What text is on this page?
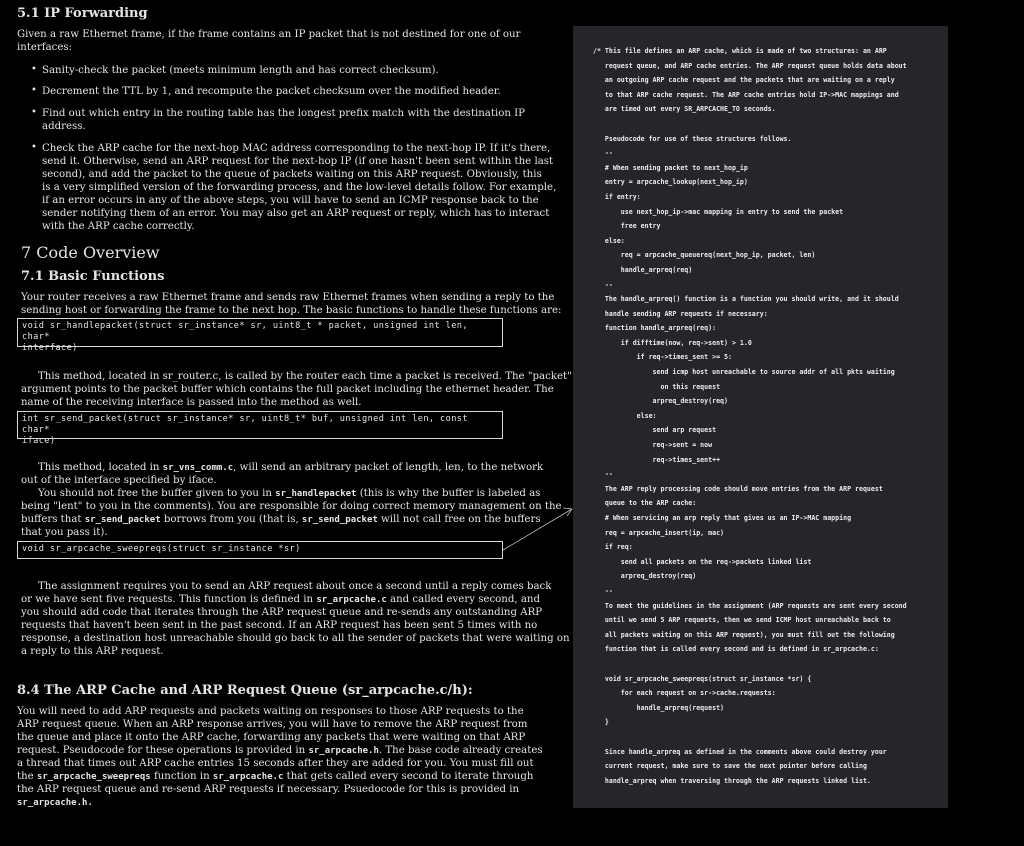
5.1 IP Forwarding
Given a raw Ethernet frame, if the frame contains an IP packet that is not destined for one of our
interfaces:
• Sanity-check the packet (meets minimum length and has correct checksum).
• Decrement the TTL by 1, and recompute the packet checksum over the modified header.
• Find out which entry in the routing table has the longest prefix match with the destination IP
address.
• Check the ARP cache for the next-hop MAC address corresponding to the next-hop IP. If it's there,
send it. Otherwise, send an ARP request for the next-hop IP (if one hasn't been sent within the last
second), and add the packet to the queue of packets waiting on this ARP request. Obviously, this
is a very simplified version of the forwarding process, and the low-level details follow. For example,
if an error occurs in any of the above steps, you will have to send an ICMP response back to the
sender notifying them of an error. You may also get an ARP request or reply, which has to interact
with the ARP cache correctly.
7 Code Overview
7.1 Basic Functions
Your router receives a raw Ethernet frame and sends raw Ethernet frames when sending a reply to the
sending host or forwarding the frame to the next hop. The basic functions to handle these functions are:
void sr_handlepacket(struct sr_instance* sr, uint8_t * packet, unsigned int len, char*
interface)
This method, located in sr_router.c, is called by the router each time a packet is received. The "packet"
argument points to the packet buffer which contains the full packet including the ethernet header. The
name of the receiving interface is passed into the method as well.
int sr_send_packet(struct sr_instance* sr, uint8_t* buf, unsigned int len, const char*
iface)
This method, located in sr_vns_comm.c, will send an arbitrary packet of length, len, to the network
out of the interface specified by iface.
You should not free the buffer given to you in sr_handlepacket (this is why the buffer is labeled as
being "lent" to you in the comments). You are responsible for doing correct memory management on the
buffers that sr_send_packet borrows from you (that is, sr_send_packet will not call free on the buffers
that you pass it).
void sr_arpcache_sweepreqs(struct sr_instance *sr)
The assignment requires you to send an ARP request about once a second until a reply comes back
or we have sent five requests. This function is defined in sr_arpcache.c and called every second, and
you should add code that iterates through the ARP request queue and re-sends any outstanding ARP
requests that haven't been sent in the past second. If an ARP request has been sent 5 times with no
response, a destination host unreachable should go back to all the sender of packets that were waiting on
a reply to this ARP request.
8.4 The ARP Cache and ARP Request Queue (sr_arpcache.c/h):
You will need to add ARP requests and packets waiting on responses to those ARP requests to the
ARP request queue. When an ARP response arrives, you will have to remove the ARP request from
the queue and place it onto the ARP cache, forwarding any packets that were waiting on that ARP
request. Pseudocode for these operations is provided in sr_arpcache.h. The base code already creates
a thread that times out ARP cache entries 15 seconds after they are added for you. You must fill out
the sr_arpcache_sweepreqs function in sr_arpcache.c that gets called every second to iterate through
the ARP request queue and re-send ARP requests if necessary. Psuedocode for this is provided in
sr_arpcache.h.
/* This file defines an ARP cache, which is made of two structures: an ARP
request queue, and ARP cache entries. The ARP request queue holds data about
an outgoing ARP cache request and the packets that are waiting on a reply
to that ARP cache request. The ARP cache entries hold IP->MAC mappings and
are timed out every SR_ARPCACHE_TO seconds.
Pseudocode for use of these structures follows.
--
# When sending packet to next_hop_ip
entry = arpcache_lookup(next_hop_ip)
if entry:
use next_hop_ip->mac mapping in entry to send the packet
free entry
else:
req = arpcache_queuereq(next_hop_ip, packet, len)
handle_arpreq(req)
--
The handle_arpreq() function is a function you should write, and it should
handle sending ARP requests if necessary:
function handle_arpreq(req):
if difftime(now, req->sent) > 1.0
if req->times_sent >= 5:
send icmp host unreachable to source addr of all pkts waiting
on this request
arpreq_destroy(req)
else:
send arp request
req->sent = now
req->times_sent++
--
The ARP reply processing code should move entries from the ARP request
queue to the ARP cache:
# When servicing an arp reply that gives us an IP->MAC mapping
req = arpcache_insert(ip, mac)
if req:
send all packets on the req->packets linked list
arpreq_destroy(req)
--
To meet the guidelines in the assignment (ARP requests are sent every second
until we send 5 ARP requests, then we send ICMP host unreachable back to
all packets waiting on this ARP request), you must fill out the following
function that is called every second and is defined in sr_arpcache.c:
void sr_arpcache_sweepreqs(struct sr_instance *sr) {
for each request on sr->cache.requests:
handle_arpreq(request)
}
Since handle_arpreq as defined in the comments above could destroy your
current request, make sure to save the next pointer before calling
handle_arpreq when traversing through the ARP requests linked list.
